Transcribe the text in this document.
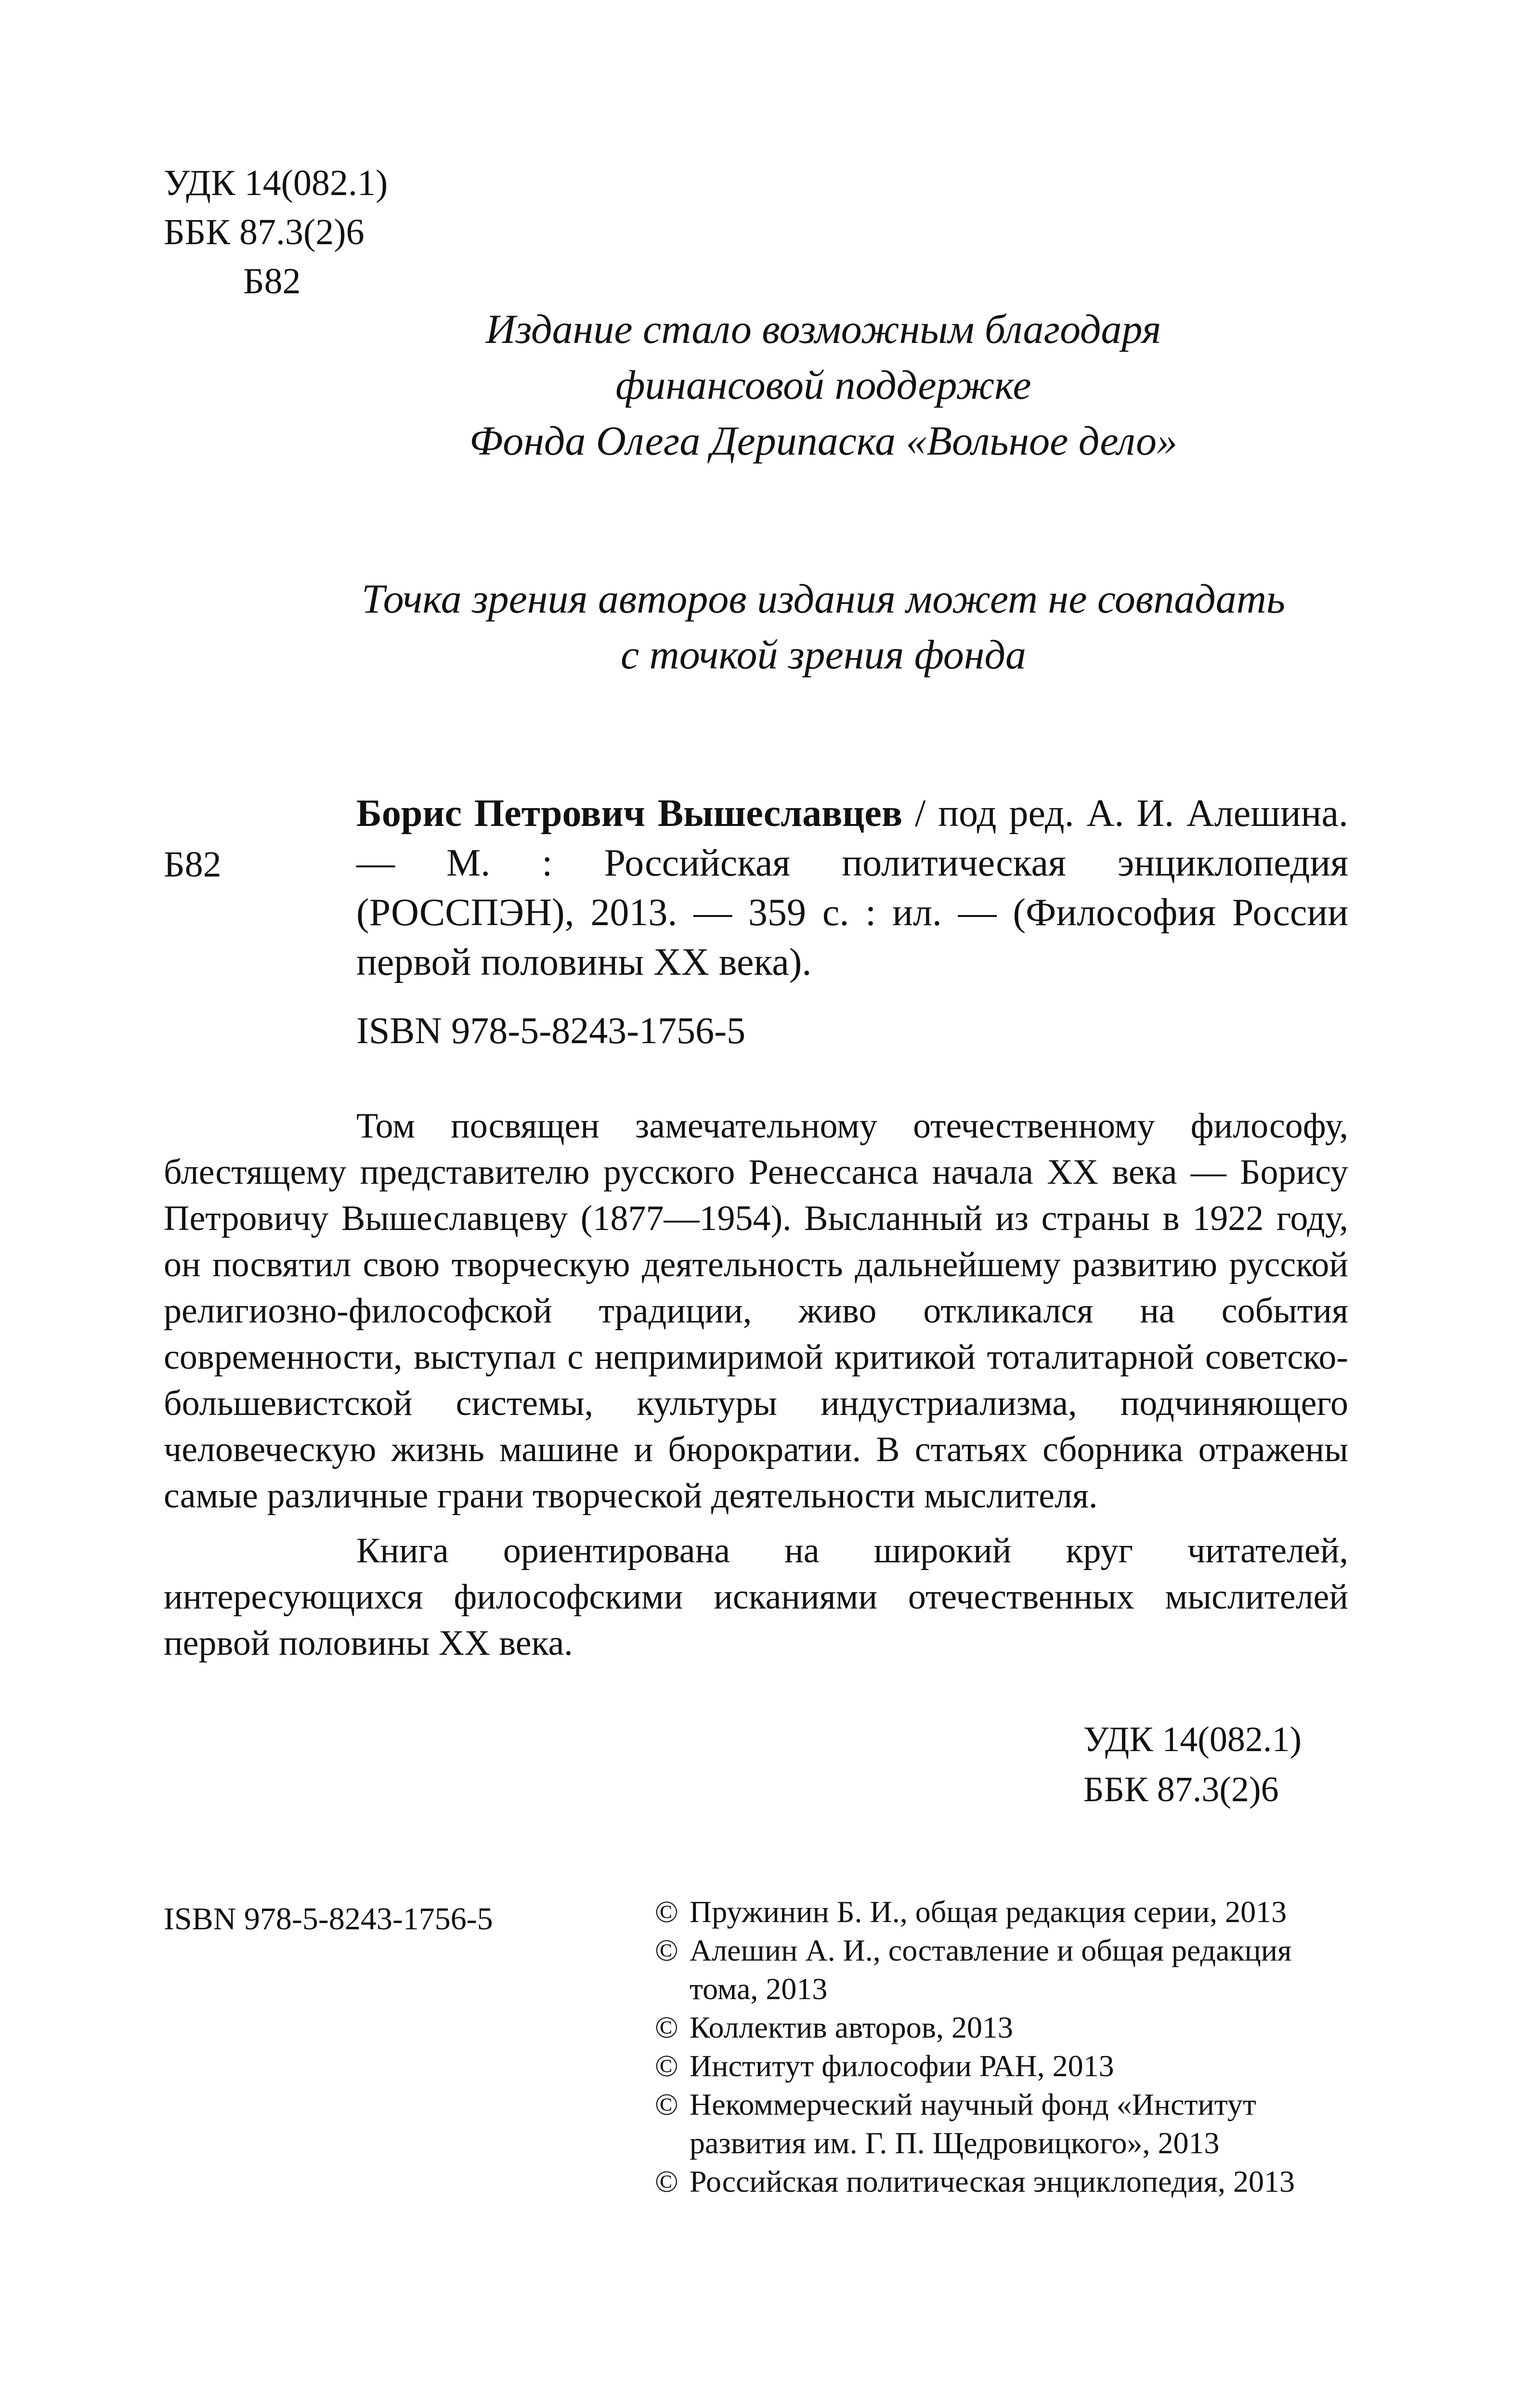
УДК 14(082.1)
ББК 87.3(2)6
Б82
Издание стало возможным благодаря
финансовой поддержке
Фонда Олега Дерипаска «Вольное дело»
Точка зрения авторов издания может не совпадать
с точкой зрения фонда
Б82
Борис Петрович Вышеславцев / под ред. А. И. Алешина. — М. : Российская политическая энциклопедия (РОССПЭН), 2013. — 359 с. : ил. — (Философия России первой половины XX века).
ISBN 978-5-8243-1756-5

Том посвящен замечательному отечественному философу, блестящему представителю русского Ренессанса начала XX века — Борису Петровичу Вышеславцеву (1877—1954). Высланный из страны в 1922 году, он посвятил свою творческую деятельность дальнейшему развитию русской религиозно-философской традиции, живо откликался на события современности, выступал с непримиримой критикой тоталитарной советско-большевистской системы, культуры индустриализма, подчиняющего человеческую жизнь машине и бюрократии. В статьях сборника отражены самые различные грани творческой деятельности мыслителя.

Книга ориентирована на широкий круг читателей, интересующихся философскими исканиями отечественных мыслителей первой половины XX века.

УДК 14(082.1)
ББК 87.3(2)6
ISBN 978-5-8243-1756-5	© Пружинин Б. И., общая редакция серии, 2013
© Алешин А. И., составление и общая редакция тома, 2013
© Коллектив авторов, 2013
© Институт философии РАН, 2013
© Некоммерческий научный фонд «Институт развития им. Г. П. Щедровицкого», 2013
© Российская политическая энциклопедия, 2013
